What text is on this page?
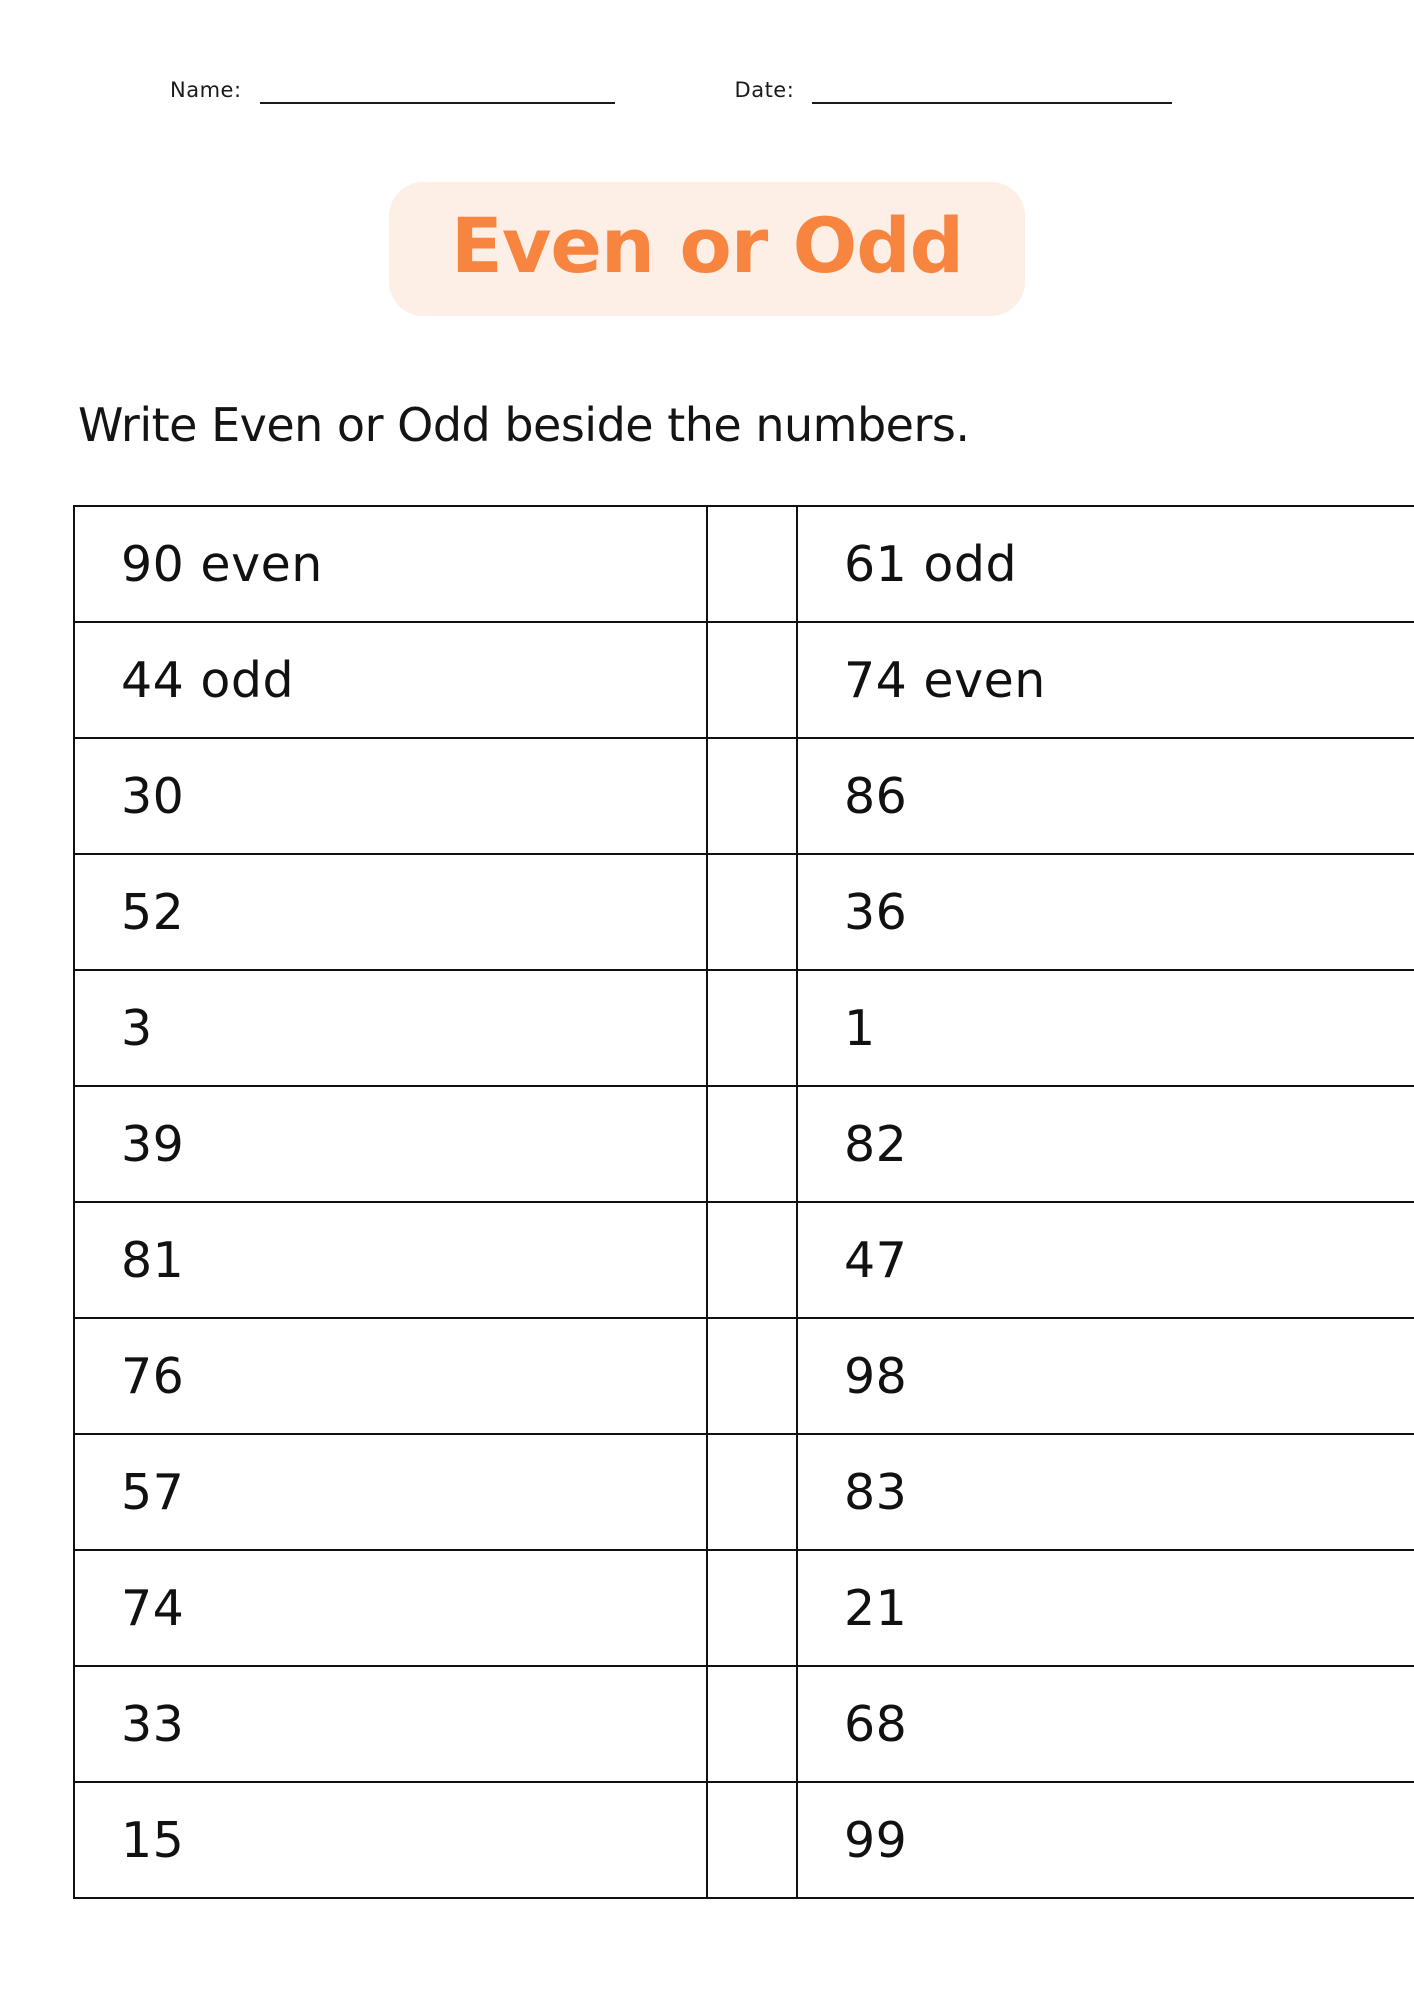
Name:	Date:
Even or Odd
Write Even or Odd beside the numbers.
90 even		61 odd
44 odd		74 even
30		86
52		36
3		1
39		82
81		47
76		98
57		83
74		21
33		68
15		99
